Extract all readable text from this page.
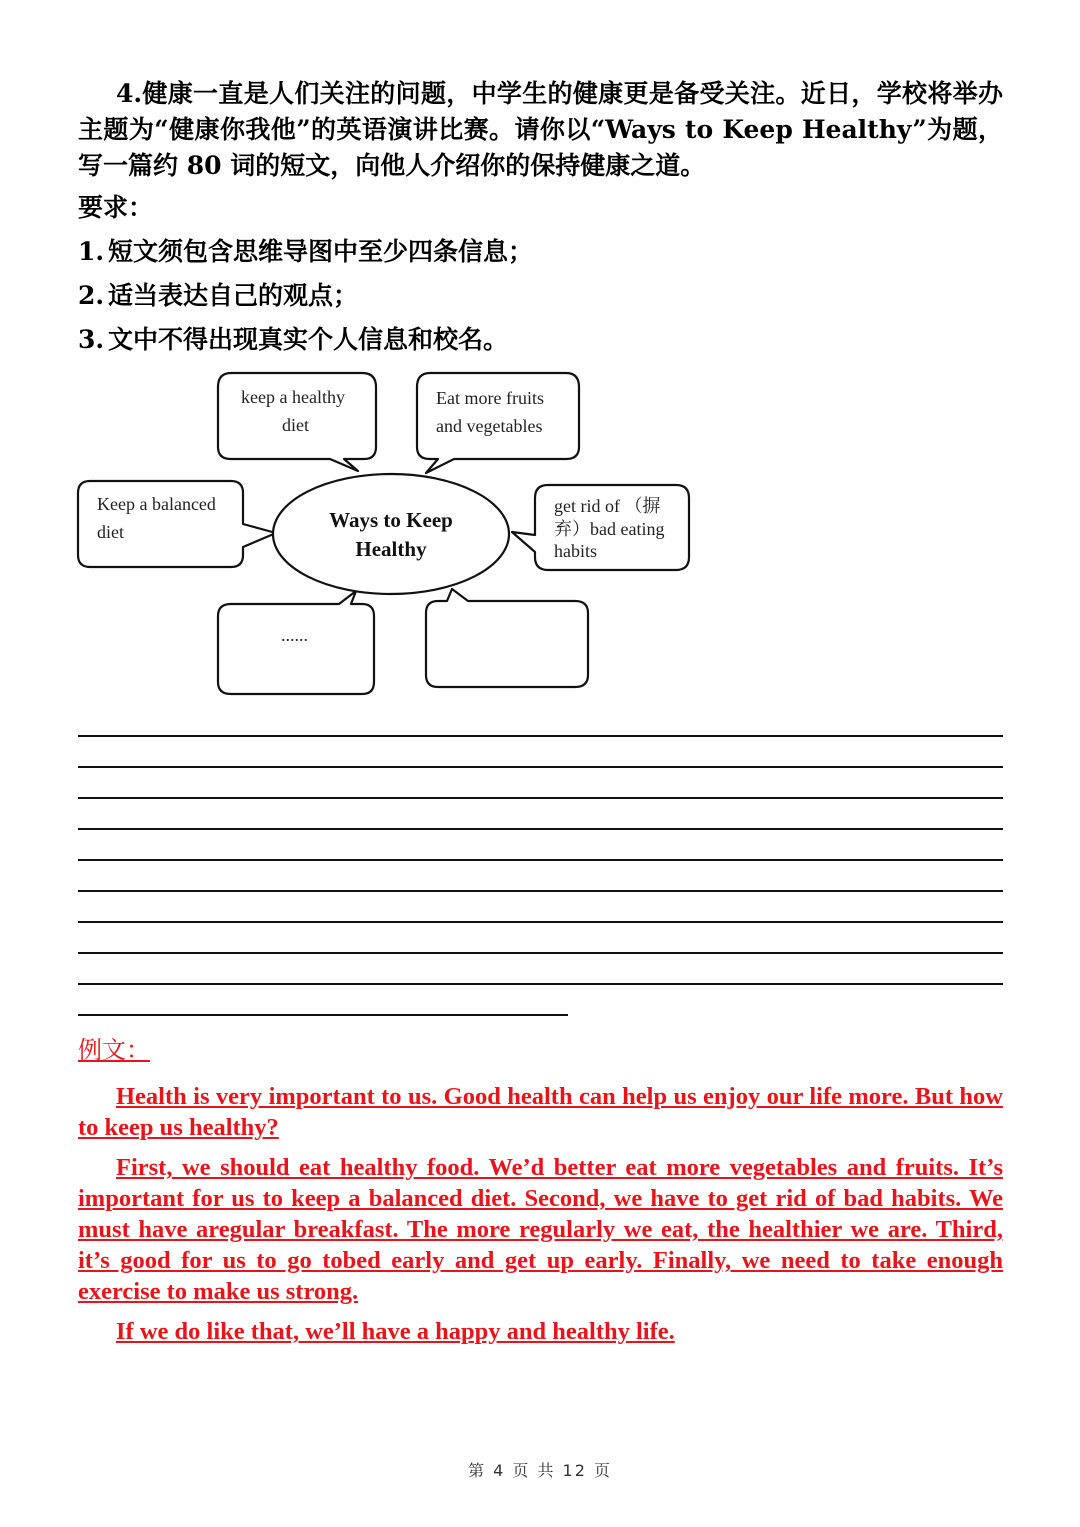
4.健康一直是人们关注的问题，中学生的健康更是备受关注。近日，学校将举办主题为“健康你我他”的英语演讲比赛。请你以“Ways to Keep Healthy”为题，写一篇约 80 词的短文，向他人介绍你的保持健康之道。

要求：
1. 短文须包含思维导图中至少四条信息；
2. 适当表达自己的观点；
3. 文中不得出现真实个人信息和校名。
keep a healthy
diet
Eat more fruits
and vegetables
Keep a balanced
diet
get rid of （摒
弃）bad eating
habits
......
Ways to Keep
Healthy
例文：

Health is very important to us. Good health can help us enjoy our life more. But how to keep us healthy?

First, we should eat healthy food. We’d better eat more vegetables and fruits. It’s important for us to keep a balanced diet. Second, we have to get rid of bad habits. We must have aregular breakfast. The more regularly we eat, the healthier we are. Third, it’s good for us to go tobed early and get up early. Finally, we need to take enough exercise to make us strong.

If we do like that, we’ll have a happy and healthy life.

第 4 页 共 12 页
